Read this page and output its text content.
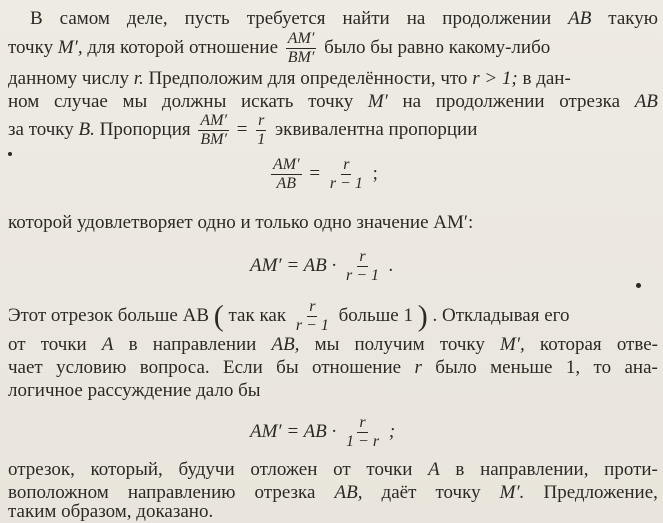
В самом деле, пусть требуется найти на продолжении AB такую
точку M′, для которой отношение $\frac{AM'}{BM'}$ было бы равно какому-либо
данному числу r. Предположим для определённости, что r > 1; в дан-
ном случае мы должны искать точку M′ на продолжении отрезка AB
за точку B. Пропорция $\frac{AM'}{BM'} = \frac{r}{1}$ эквивалентна пропорции
$\frac{AM'}{AB} = \frac{r}{r - 1}$ ;
которой удовлетворяет одно и только одно значение AM′:
AM′ = AB · $\frac{r}{r - 1}$ .
Этот отрезок больше AB ( так как $\frac{r}{r - 1}$ больше 1 ) . Откладывая его
от точки A в направлении AB, мы получим точку M′, которая отве-
чает условию вопроса. Если бы отношение r было меньше 1, то ана-
логичное рассуждение дало бы
AM′ = AB · $\frac{r}{1 - r}$ ;
отрезок, который, будучи отложен от точки A в направлении, проти-
воположном направлению отрезка AB, даёт точку M′. Предложение,
таким образом, доказано.
